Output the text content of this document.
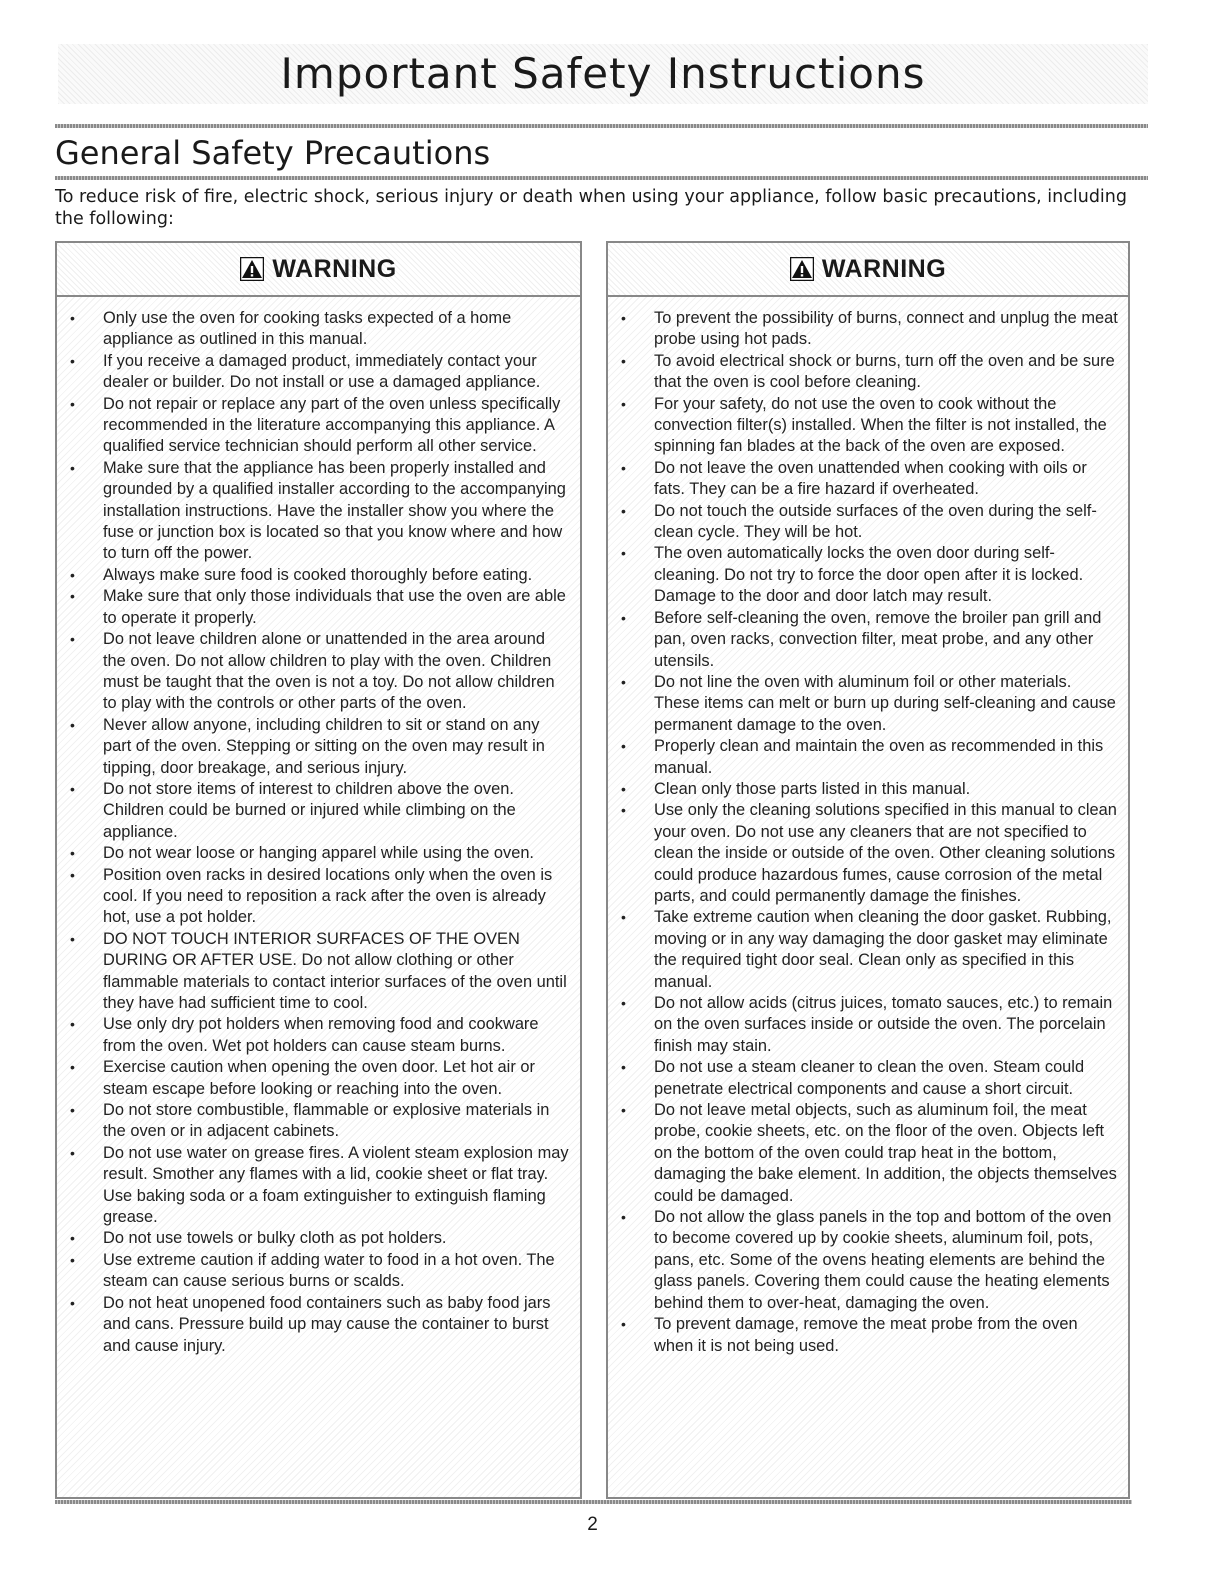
Important Safety Instructions
General Safety Precautions
To reduce risk of fire, electric shock, serious injury or death when using your appliance, follow basic precautions, including the following:
WARNING
• Only use the oven for cooking tasks expected of a home appliance as outlined in this manual.
• If you receive a damaged product, immediately contact your dealer or builder. Do not install or use a damaged appliance.
• Do not repair or replace any part of the oven unless specifically recommended in the literature accompanying this appliance. A qualified service technician should perform all other service.
• Make sure that the appliance has been properly installed and grounded by a qualified installer according to the accompanying installation instructions. Have the installer show you where the fuse or junction box is located so that you know where and how to turn off the power.
• Always make sure food is cooked thoroughly before eating.
• Make sure that only those individuals that use the oven are able to operate it properly.
• Do not leave children alone or unattended in the area around the oven. Do not allow children to play with the oven. Children must be taught that the oven is not a toy. Do not allow children to play with the controls or other parts of the oven.
• Never allow anyone, including children to sit or stand on any part of the oven. Stepping or sitting on the oven may result in tipping, door breakage, and serious injury.
• Do not store items of interest to children above the oven. Children could be burned or injured while climbing on the appliance.
• Do not wear loose or hanging apparel while using the oven.
• Position oven racks in desired locations only when the oven is cool. If you need to reposition a rack after the oven is already hot, use a pot holder.
• DO NOT TOUCH INTERIOR SURFACES OF THE OVEN DURING OR AFTER USE. Do not allow clothing or other flammable materials to contact interior surfaces of the oven until they have had sufficient time to cool.
• Use only dry pot holders when removing food and cookware from the oven. Wet pot holders can cause steam burns.
• Exercise caution when opening the oven door. Let hot air or steam escape before looking or reaching into the oven.
• Do not store combustible, flammable or explosive materials in the oven or in adjacent cabinets.
• Do not use water on grease fires. A violent steam explosion may result. Smother any flames with a lid, cookie sheet or flat tray. Use baking soda or a foam extinguisher to extinguish flaming grease.
• Do not use towels or bulky cloth as pot holders.
• Use extreme caution if adding water to food in a hot oven. The steam can cause serious burns or scalds.
• Do not heat unopened food containers such as baby food jars and cans. Pressure build up may cause the container to burst and cause injury.
WARNING
• To prevent the possibility of burns, connect and unplug the meat probe using hot pads.
• To avoid electrical shock or burns, turn off the oven and be sure that the oven is cool before cleaning.
• For your safety, do not use the oven to cook without the convection filter(s) installed. When the filter is not installed, the spinning fan blades at the back of the oven are exposed.
• Do not leave the oven unattended when cooking with oils or fats. They can be a fire hazard if overheated.
• Do not touch the outside surfaces of the oven during the self-clean cycle. They will be hot.
• The oven automatically locks the oven door during self-cleaning. Do not try to force the door open after it is locked. Damage to the door and door latch may result.
• Before self-cleaning the oven, remove the broiler pan grill and pan, oven racks, convection filter, meat probe, and any other utensils.
• Do not line the oven with aluminum foil or other materials. These items can melt or burn up during self-cleaning and cause permanent damage to the oven.
• Properly clean and maintain the oven as recommended in this manual.
• Clean only those parts listed in this manual.
• Use only the cleaning solutions specified in this manual to clean your oven. Do not use any cleaners that are not specified to clean the inside or outside of the oven. Other cleaning solutions could produce hazardous fumes, cause corrosion of the metal parts, and could permanently damage the finishes.
• Take extreme caution when cleaning the door gasket. Rubbing, moving or in any way damaging the door gasket may eliminate the required tight door seal. Clean only as specified in this manual.
• Do not allow acids (citrus juices, tomato sauces, etc.) to remain on the oven surfaces inside or outside the oven. The porcelain finish may stain.
• Do not use a steam cleaner to clean the oven. Steam could penetrate electrical components and cause a short circuit.
• Do not leave metal objects, such as aluminum foil, the meat probe, cookie sheets, etc. on the floor of the oven. Objects left on the bottom of the oven could trap heat in the bottom, damaging the bake element. In addition, the objects themselves could be damaged.
• Do not allow the glass panels in the top and bottom of the oven to become covered up by cookie sheets, aluminum foil, pots, pans, etc. Some of the ovens heating elements are behind the glass panels. Covering them could cause the heating elements behind them to over-heat, damaging the oven.
• To prevent damage, remove the meat probe from the oven when it is not being used.
2
